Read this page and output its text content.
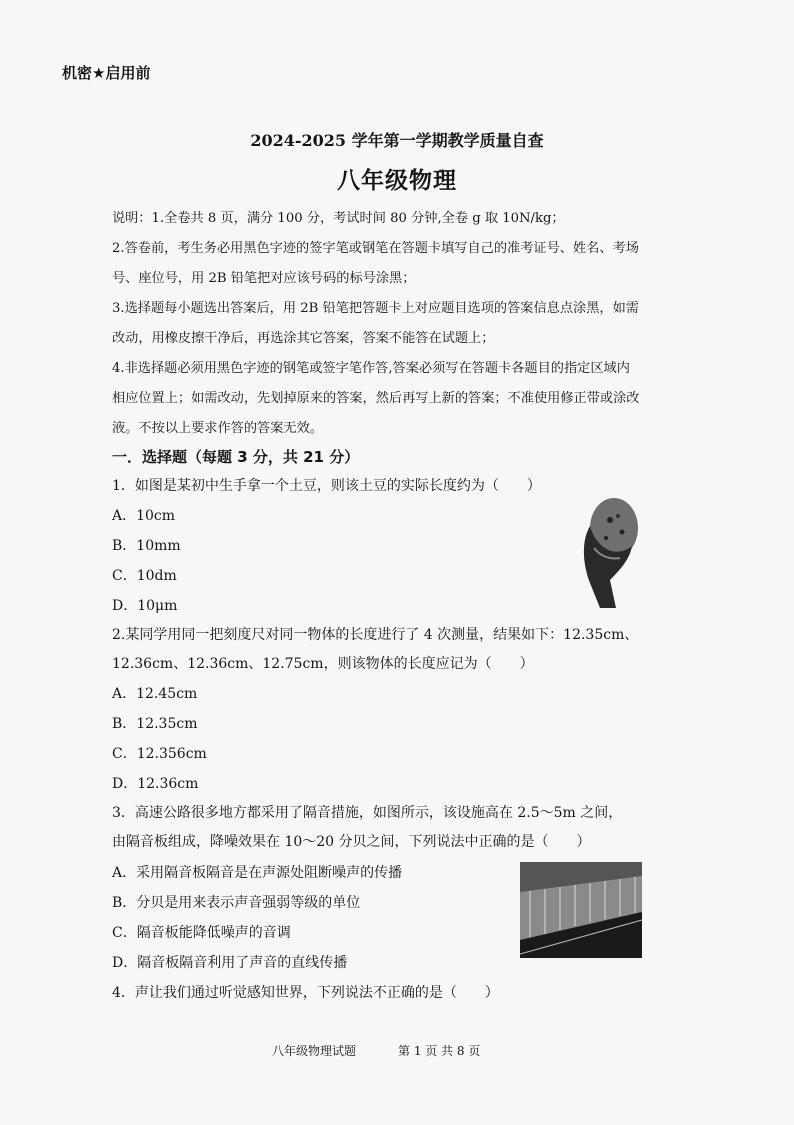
机密★启用前
2024-2025 学年第一学期教学质量自查
八年级物理
说明：1.全卷共 8 页，满分 100 分，考试时间 80 分钟,全卷 g 取 10N/kg；
2.答卷前，考生务必用黑色字迹的签字笔或钢笔在答题卡填写自己的准考证号、姓名、考场
号、座位号，用 2B 铅笔把对应该号码的标号涂黑；
3.选择题每小题选出答案后，用 2B 铅笔把答题卡上对应题目选项的答案信息点涂黑，如需
改动，用橡皮擦干净后，再选涂其它答案，答案不能答在试题上；
4.非选择题必须用黑色字迹的钢笔或签字笔作答,答案必须写在答题卡各题目的指定区域内
相应位置上；如需改动，先划掉原来的答案，然后再写上新的答案；不准使用修正带或涂改
液。不按以上要求作答的答案无效。
一．选择题（每题 3 分，共 21 分）
1．如图是某初中生手拿一个土豆，则该土豆的实际长度约为（　　）
A．10cm
B．10mm
C．10dm
D．10μm
2.某同学用同一把刻度尺对同一物体的长度进行了 4 次测量，结果如下：12.35cm、
12.36cm、12.36cm、12.75cm，则该物体的长度应记为（　　）
A．12.45cm
B．12.35cm
C．12.356cm
D．12.36cm
3．高速公路很多地方都采用了隔音措施，如图所示，该设施高在 2.5～5m 之间，
由隔音板组成，降噪效果在 10～20 分贝之间，下列说法中正确的是（　　）
A．采用隔音板隔音是在声源处阻断噪声的传播
B．分贝是用来表示声音强弱等级的单位
C．隔音板能降低噪声的音调
D．隔音板隔音利用了声音的直线传播
4．声让我们通过听觉感知世界，下列说法不正确的是（　　）
八年级物理试题	第 1 页 共 8 页
